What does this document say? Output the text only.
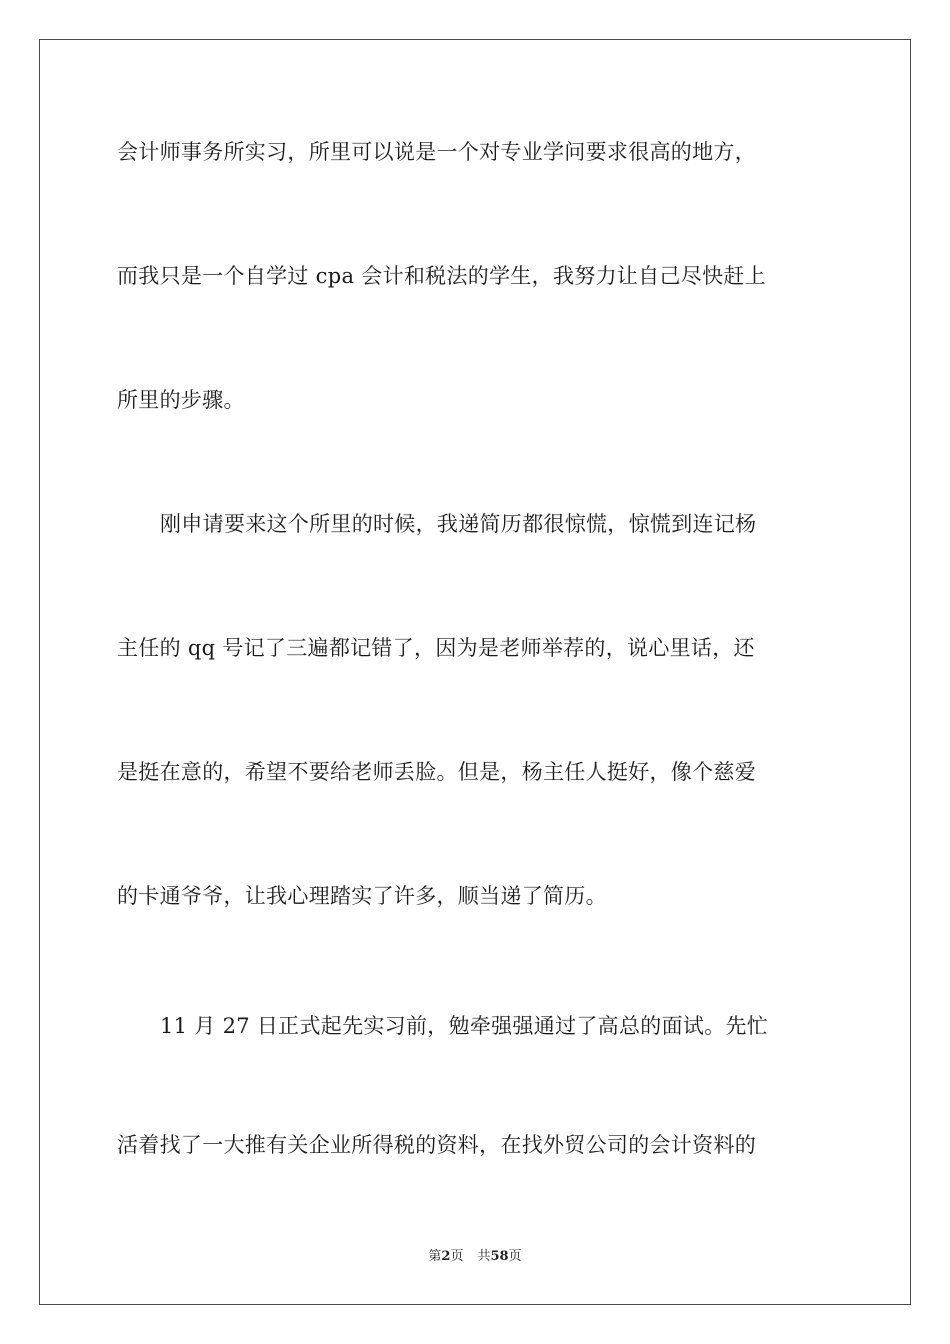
会计师事务所实习，所里可以说是一个对专业学问要求很高的地方，
而我只是一个自学过 cpa 会计和税法的学生，我努力让自己尽快赶上
所里的步骤。
刚申请要来这个所里的时候，我递简历都很惊慌，惊慌到连记杨
主任的 qq 号记了三遍都记错了，因为是老师举荐的，说心里话，还
是挺在意的，希望不要给老师丢脸。但是，杨主任人挺好，像个慈爱
的卡通爷爷，让我心理踏实了许多，顺当递了简历。
11 月 27 日正式起先实习前，勉牵强强通过了高总的面试。先忙
活着找了一大推有关企业所得税的资料，在找外贸公司的会计资料的
第2页 共58页
